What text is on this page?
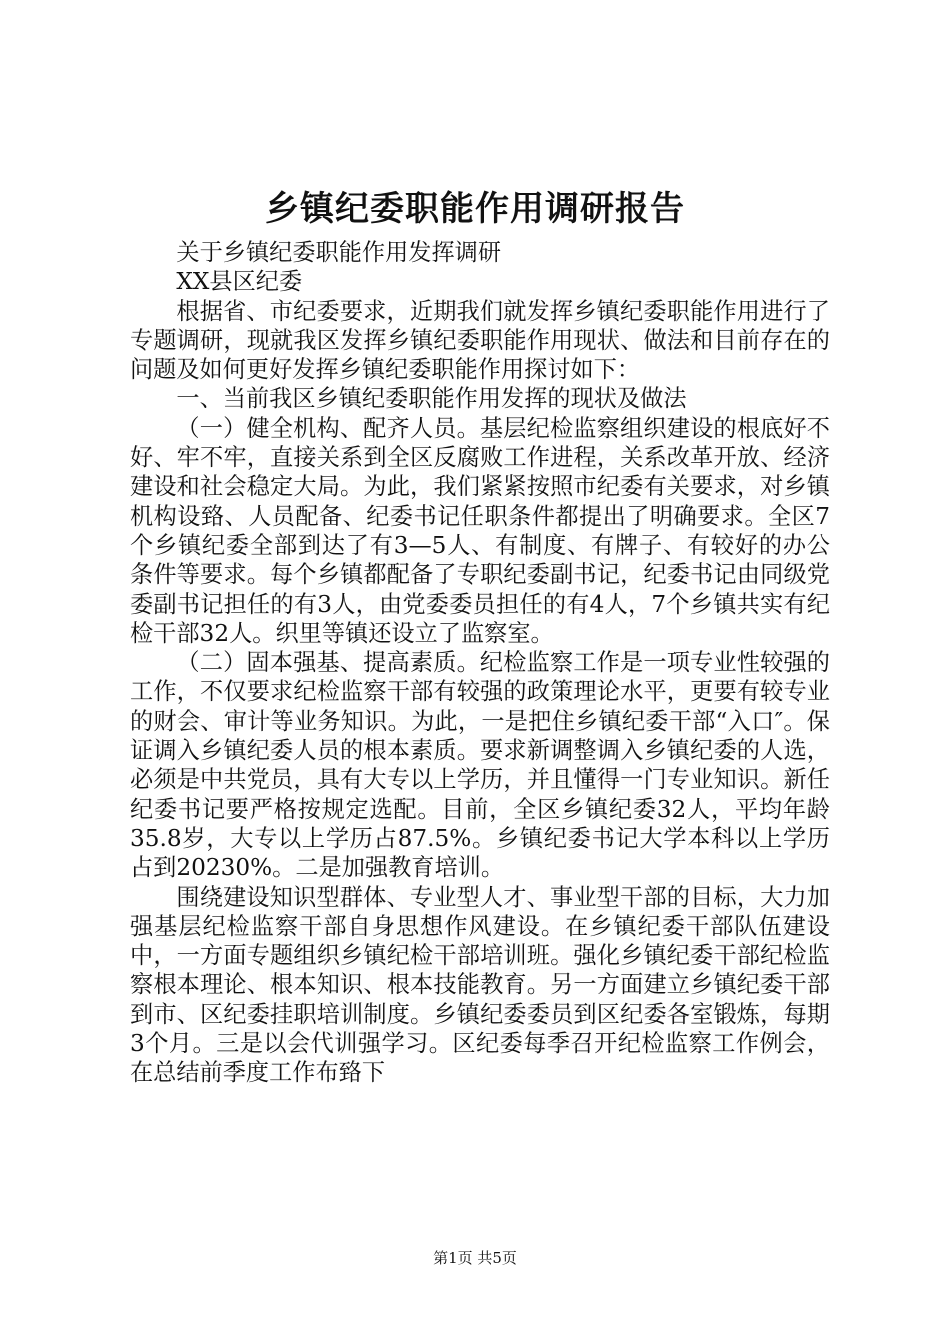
乡镇纪委职能作用调研报告

关于乡镇纪委职能作用发挥调研

XX县区纪委

根据省、市纪委要求，近期我们就发挥乡镇纪委职能作用进行了专题调研，现就我区发挥乡镇纪委职能作用现状、做法和目前存在的问题及如何更好发挥乡镇纪委职能作用探讨如下：

一、当前我区乡镇纪委职能作用发挥的现状及做法

（一）健全机构、配齐人员。基层纪检监察组织建设的根底好不好、牢不牢，直接关系到全区反腐败工作进程，关系改革开放、经济建设和社会稳定大局。为此，我们紧紧按照市纪委有关要求，对乡镇机构设臵、人员配备、纪委书记任职条件都提出了明确要求。全区7个乡镇纪委全部到达了有3—5人、有制度、有牌子、有较好的办公条件等要求。每个乡镇都配备了专职纪委副书记，纪委书记由同级党委副书记担任的有3人，由党委委员担任的有4人，7个乡镇共实有纪检干部32人。织里等镇还设立了监察室。

（二）固本强基、提高素质。纪检监察工作是一项专业性较强的工作，不仅要求纪检监察干部有较强的政策理论水平，更要有较专业的财会、审计等业务知识。为此，一是把住乡镇纪委干部“入口″。保证调入乡镇纪委人员的根本素质。要求新调整调入乡镇纪委的人选，必须是中共党员，具有大专以上学历，并且懂得一门专业知识。新任纪委书记要严格按规定选配。目前，全区乡镇纪委32人，平均年龄35.8岁，大专以上学历占87.5%。乡镇纪委书记大学本科以上学历占到20230%。二是加强教育培训。

围绕建设知识型群体、专业型人才、事业型干部的目标，大力加强基层纪检监察干部自身思想作风建设。在乡镇纪委干部队伍建设中，一方面专题组织乡镇纪检干部培训班。强化乡镇纪委干部纪检监察根本理论、根本知识、根本技能教育。另一方面建立乡镇纪委干部到市、区纪委挂职培训制度。乡镇纪委委员到区纪委各室锻炼，每期3个月。三是以会代训强学习。区纪委每季召开纪检监察工作例会，在总结前季度工作布臵下

第1页 共5页
